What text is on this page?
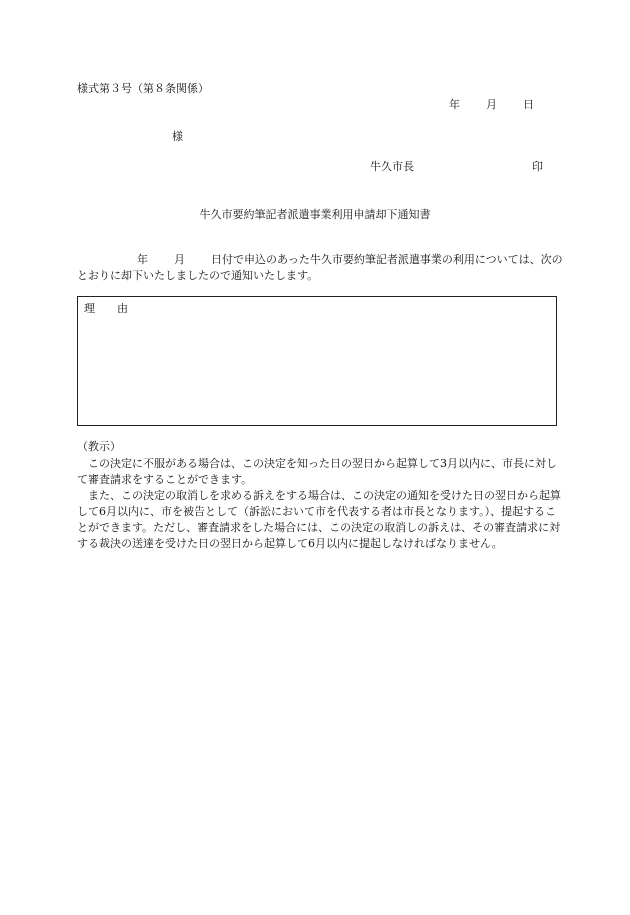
様式第３号（第８条関係）
年 月 日
様
牛久市長	印
牛久市要約筆記者派遣事業利用申請却下通知書
年 月 日付で申込のあった牛久市要約筆記者派遣事業の利用については、次のとおりに却下いたしましたので通知いたします。
理　　由
（教示）
この決定に不服がある場合は、この決定を知った日の翌日から起算して3月以内に、市長に対して審査請求をすることができます。
また、この決定の取消しを求める訴えをする場合は、この決定の通知を受けた日の翌日から起算して6月以内に、市を被告として（訴訟において市を代表する者は市長となります。）、提起することができます。ただし、審査請求をした場合には、この決定の取消しの訴えは、その審査請求に対する裁決の送達を受けた日の翌日から起算して6月以内に提起しなければなりません。
